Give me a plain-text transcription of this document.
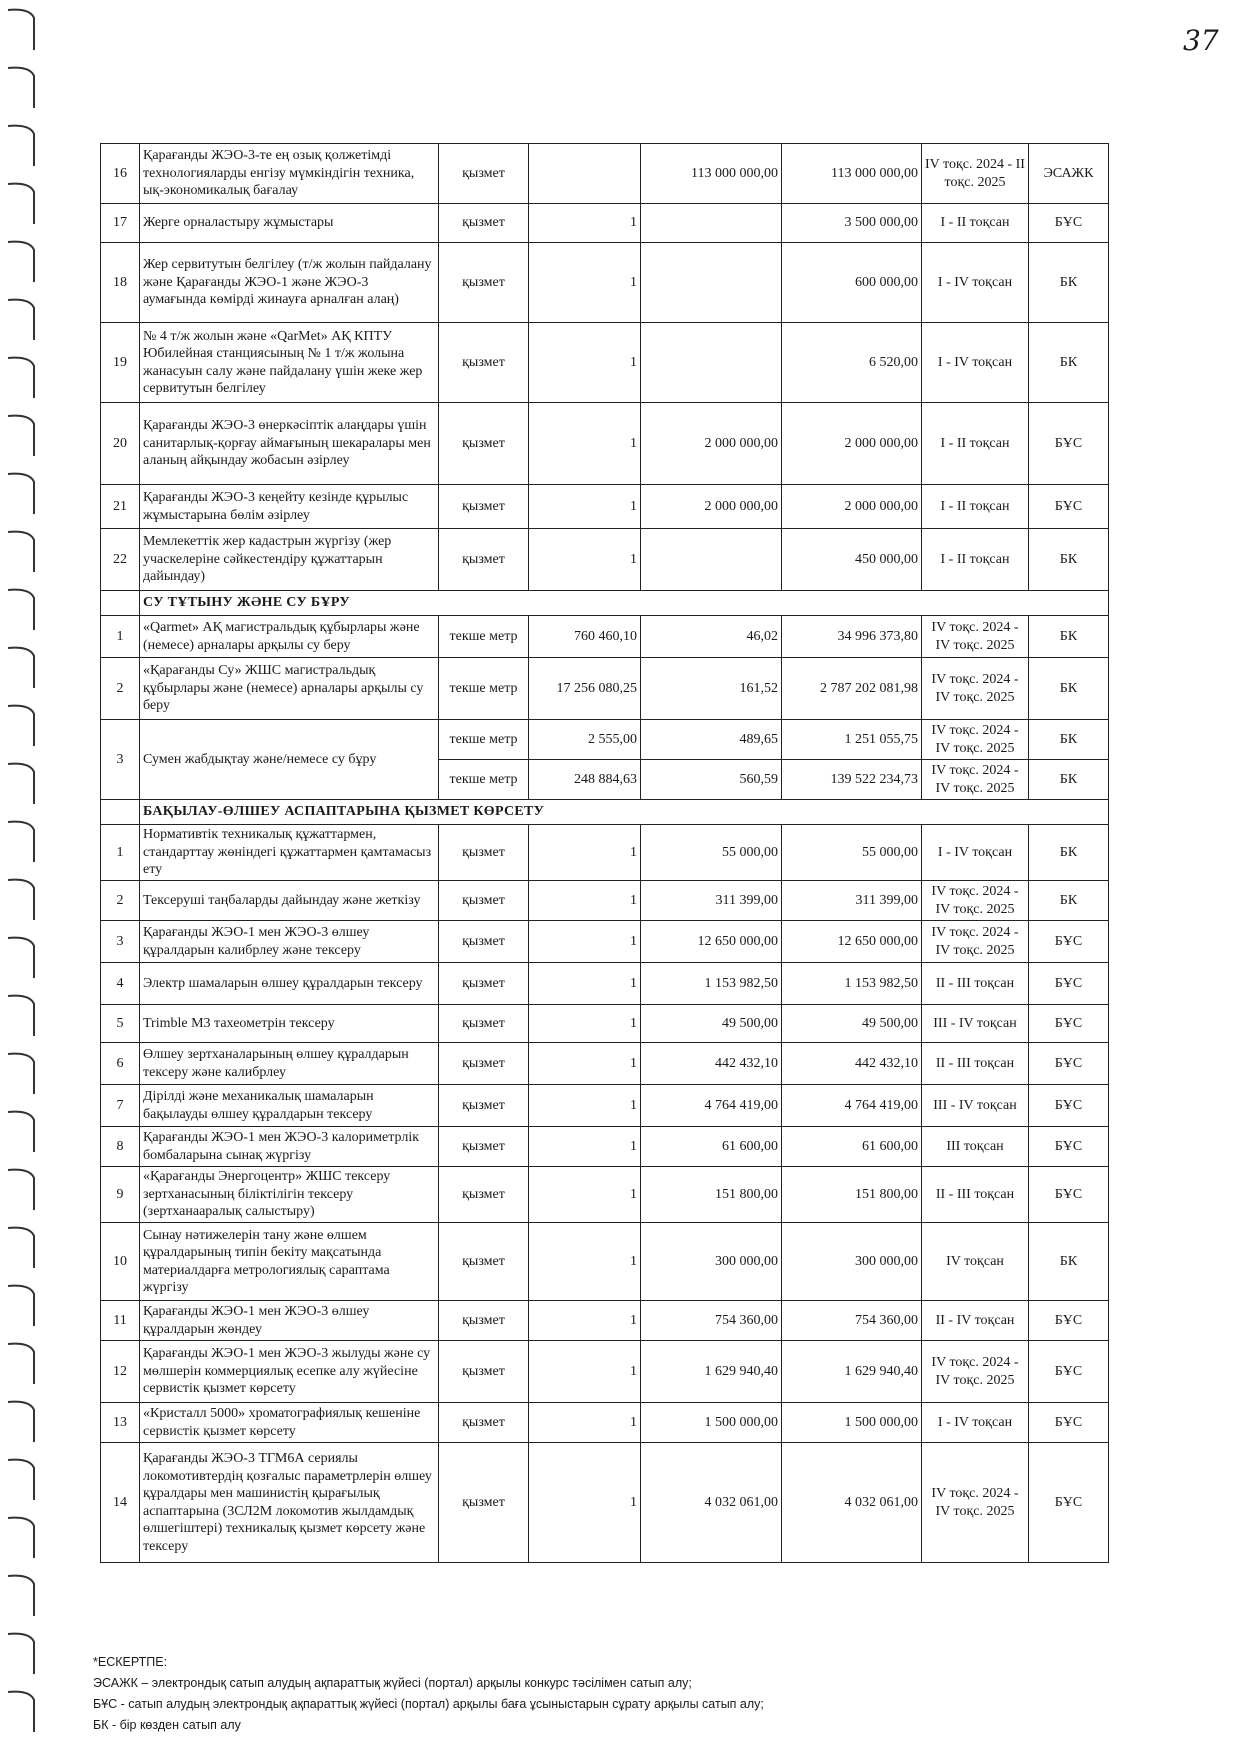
37
16	Қарағанды ЖЭО-3-те ең озық қолжетімді технологияларды енгізу мүмкіндігін техника, ық-экономикалық бағалау	қызмет		113 000 000,00	113 000 000,00	IV тоқс. 2024 - II тоқс. 2025	ЭСАЖК
17	Жерге орналастыру жұмыстары	қызмет	1		3 500 000,00	I - II тоқсан	БҰС
18	Жер сервитутын белгілеу (т/ж жолын пайдалану және Қарағанды ЖЭО-1 және ЖЭО-3 аумағында көмірді жинауға арналған алаң)	қызмет	1		600 000,00	I - IV тоқсан	БК
19	№ 4 т/ж жолын және «QarMet» АҚ КПТУ Юбилейная станциясының № 1 т/ж жолына жанасуын салу және пайдалану үшін жеке жер сервитутын белгілеу	қызмет	1		6 520,00	I - IV тоқсан	БК
20	Қарағанды ЖЭО-3 өнеркәсіптік алаңдары үшін санитарлық-қорғау аймағының шекаралары мен аланың айқындау жобасын әзірлеу	қызмет	1	2 000 000,00	2 000 000,00	I - II тоқсан	БҰС
21	Қарағанды ЖЭО-3 кеңейту кезінде құрылыс жұмыстарына бөлім әзірлеу	қызмет	1	2 000 000,00	2 000 000,00	I - II тоқсан	БҰС
22	Мемлекеттік жер кадастрын жүргізу (жер учаскелеріне сәйкестендіру құжаттарын дайындау)	қызмет	1		450 000,00	I - II тоқсан	БК
	СУ ТҰТЫНУ ЖӘНЕ СУ БҰРУ						
1	«Qarmet» АҚ магистральдық құбырлары және (немесе) арналары арқылы су беру	текше метр	760 460,10	46,02	34 996 373,80	IV тоқс. 2024 - IV тоқс. 2025	БК
2	«Қарағанды Су» ЖШС магистральдық құбырлары және (немесе) арналары арқылы су беру	текше метр	17 256 080,25	161,52	2 787 202 081,98	IV тоқс. 2024 - IV тоқс. 2025	БК
3	Сумен жабдықтау және/немесе су бұру	текше метр	2 555,00	489,65	1 251 055,75	IV тоқс. 2024 - IV тоқс. 2025	БК
		текше метр	248 884,63	560,59	139 522 234,73	IV тоқс. 2024 - IV тоқс. 2025	БК
	БАҚЫЛАУ-ӨЛШЕУ АСПАПТАРЫНА ҚЫЗМЕТ КӨРСЕТУ						
1	Нормативтік техникалық құжаттармен, стандарттау жөніндегі құжаттармен қамтамасыз ету	қызмет	1	55 000,00	55 000,00	I - IV тоқсан	БК
2	Тексеруші таңбаларды дайындау және жеткізу	қызмет	1	311 399,00	311 399,00	IV тоқс. 2024 - IV тоқс. 2025	БК
3	Қарағанды ЖЭО-1 мен ЖЭО-3 өлшеу құралдарын калибрлеу және тексеру	қызмет	1	12 650 000,00	12 650 000,00	IV тоқс. 2024 - IV тоқс. 2025	БҰС
4	Электр шамаларын өлшеу құралдарын тексеру	қызмет	1	1 153 982,50	1 153 982,50	II - III тоқсан	БҰС
5	Trimble M3 тахеометрін тексеру	қызмет	1	49 500,00	49 500,00	III - IV тоқсан	БҰС
6	Өлшеу зертханаларының өлшеу құралдарын тексеру және калибрлеу	қызмет	1	442 432,10	442 432,10	II - III тоқсан	БҰС
7	Дірілді және механикалық шамаларын бақылауды өлшеу құралдарын тексеру	қызмет	1	4 764 419,00	4 764 419,00	III - IV тоқсан	БҰС
8	Қарағанды ЖЭО-1 мен ЖЭО-3 калориметрлік бомбаларына сынақ жүргізу	қызмет	1	61 600,00	61 600,00	III тоқсан	БҰС
9	«Қарағанды Энергоцентр» ЖШС тексеру зертханасының біліктілігін тексеру (зертханааралық салыстыру)	қызмет	1	151 800,00	151 800,00	II - III тоқсан	БҰС
10	Сынау нәтижелерін тану және өлшем құралдарының типін бекіту мақсатында материалдарға метрологиялық сараптама жүргізу	қызмет	1	300 000,00	300 000,00	IV тоқсан	БК
11	Қарағанды ЖЭО-1 мен ЖЭО-3 өлшеу құралдарын жөндеу	қызмет	1	754 360,00	754 360,00	II - IV тоқсан	БҰС
12	Қарағанды ЖЭО-1 мен ЖЭО-3 жылуды және су мөлшерін коммерциялық есепке алу жүйесіне сервистік қызмет көрсету	қызмет	1	1 629 940,40	1 629 940,40	IV тоқс. 2024 - IV тоқс. 2025	БҰС
13	«Кристалл 5000» хроматографиялық кешеніне сервистік қызмет көрсету	қызмет	1	1 500 000,00	1 500 000,00	I - IV тоқсан	БҰС
14	Қарағанды ЖЭО-3 ТГМ6А сериялы локомотивтердің қозғалыс параметрлерін өлшеу құралдары мен машинистің қырағылық аспаптарына (3СЛ2М локомотив жылдамдық өлшегіштері) техникалық қызмет көрсету және тексеру	қызмет	1	4 032 061,00	4 032 061,00	IV тоқс. 2024 - IV тоқс. 2025	БҰС
*ЕСКЕРТПЕ:
ЭСАЖК – электрондық сатып алудың ақпараттық жүйесі (портал) арқылы конкурс тәсілімен сатып алу;
БҰС - сатып алудың электрондық ақпараттық жүйесі (портал) арқылы баға ұсыныстарын сұрату арқылы сатып алу;
БК - бір көзден сатып алу
